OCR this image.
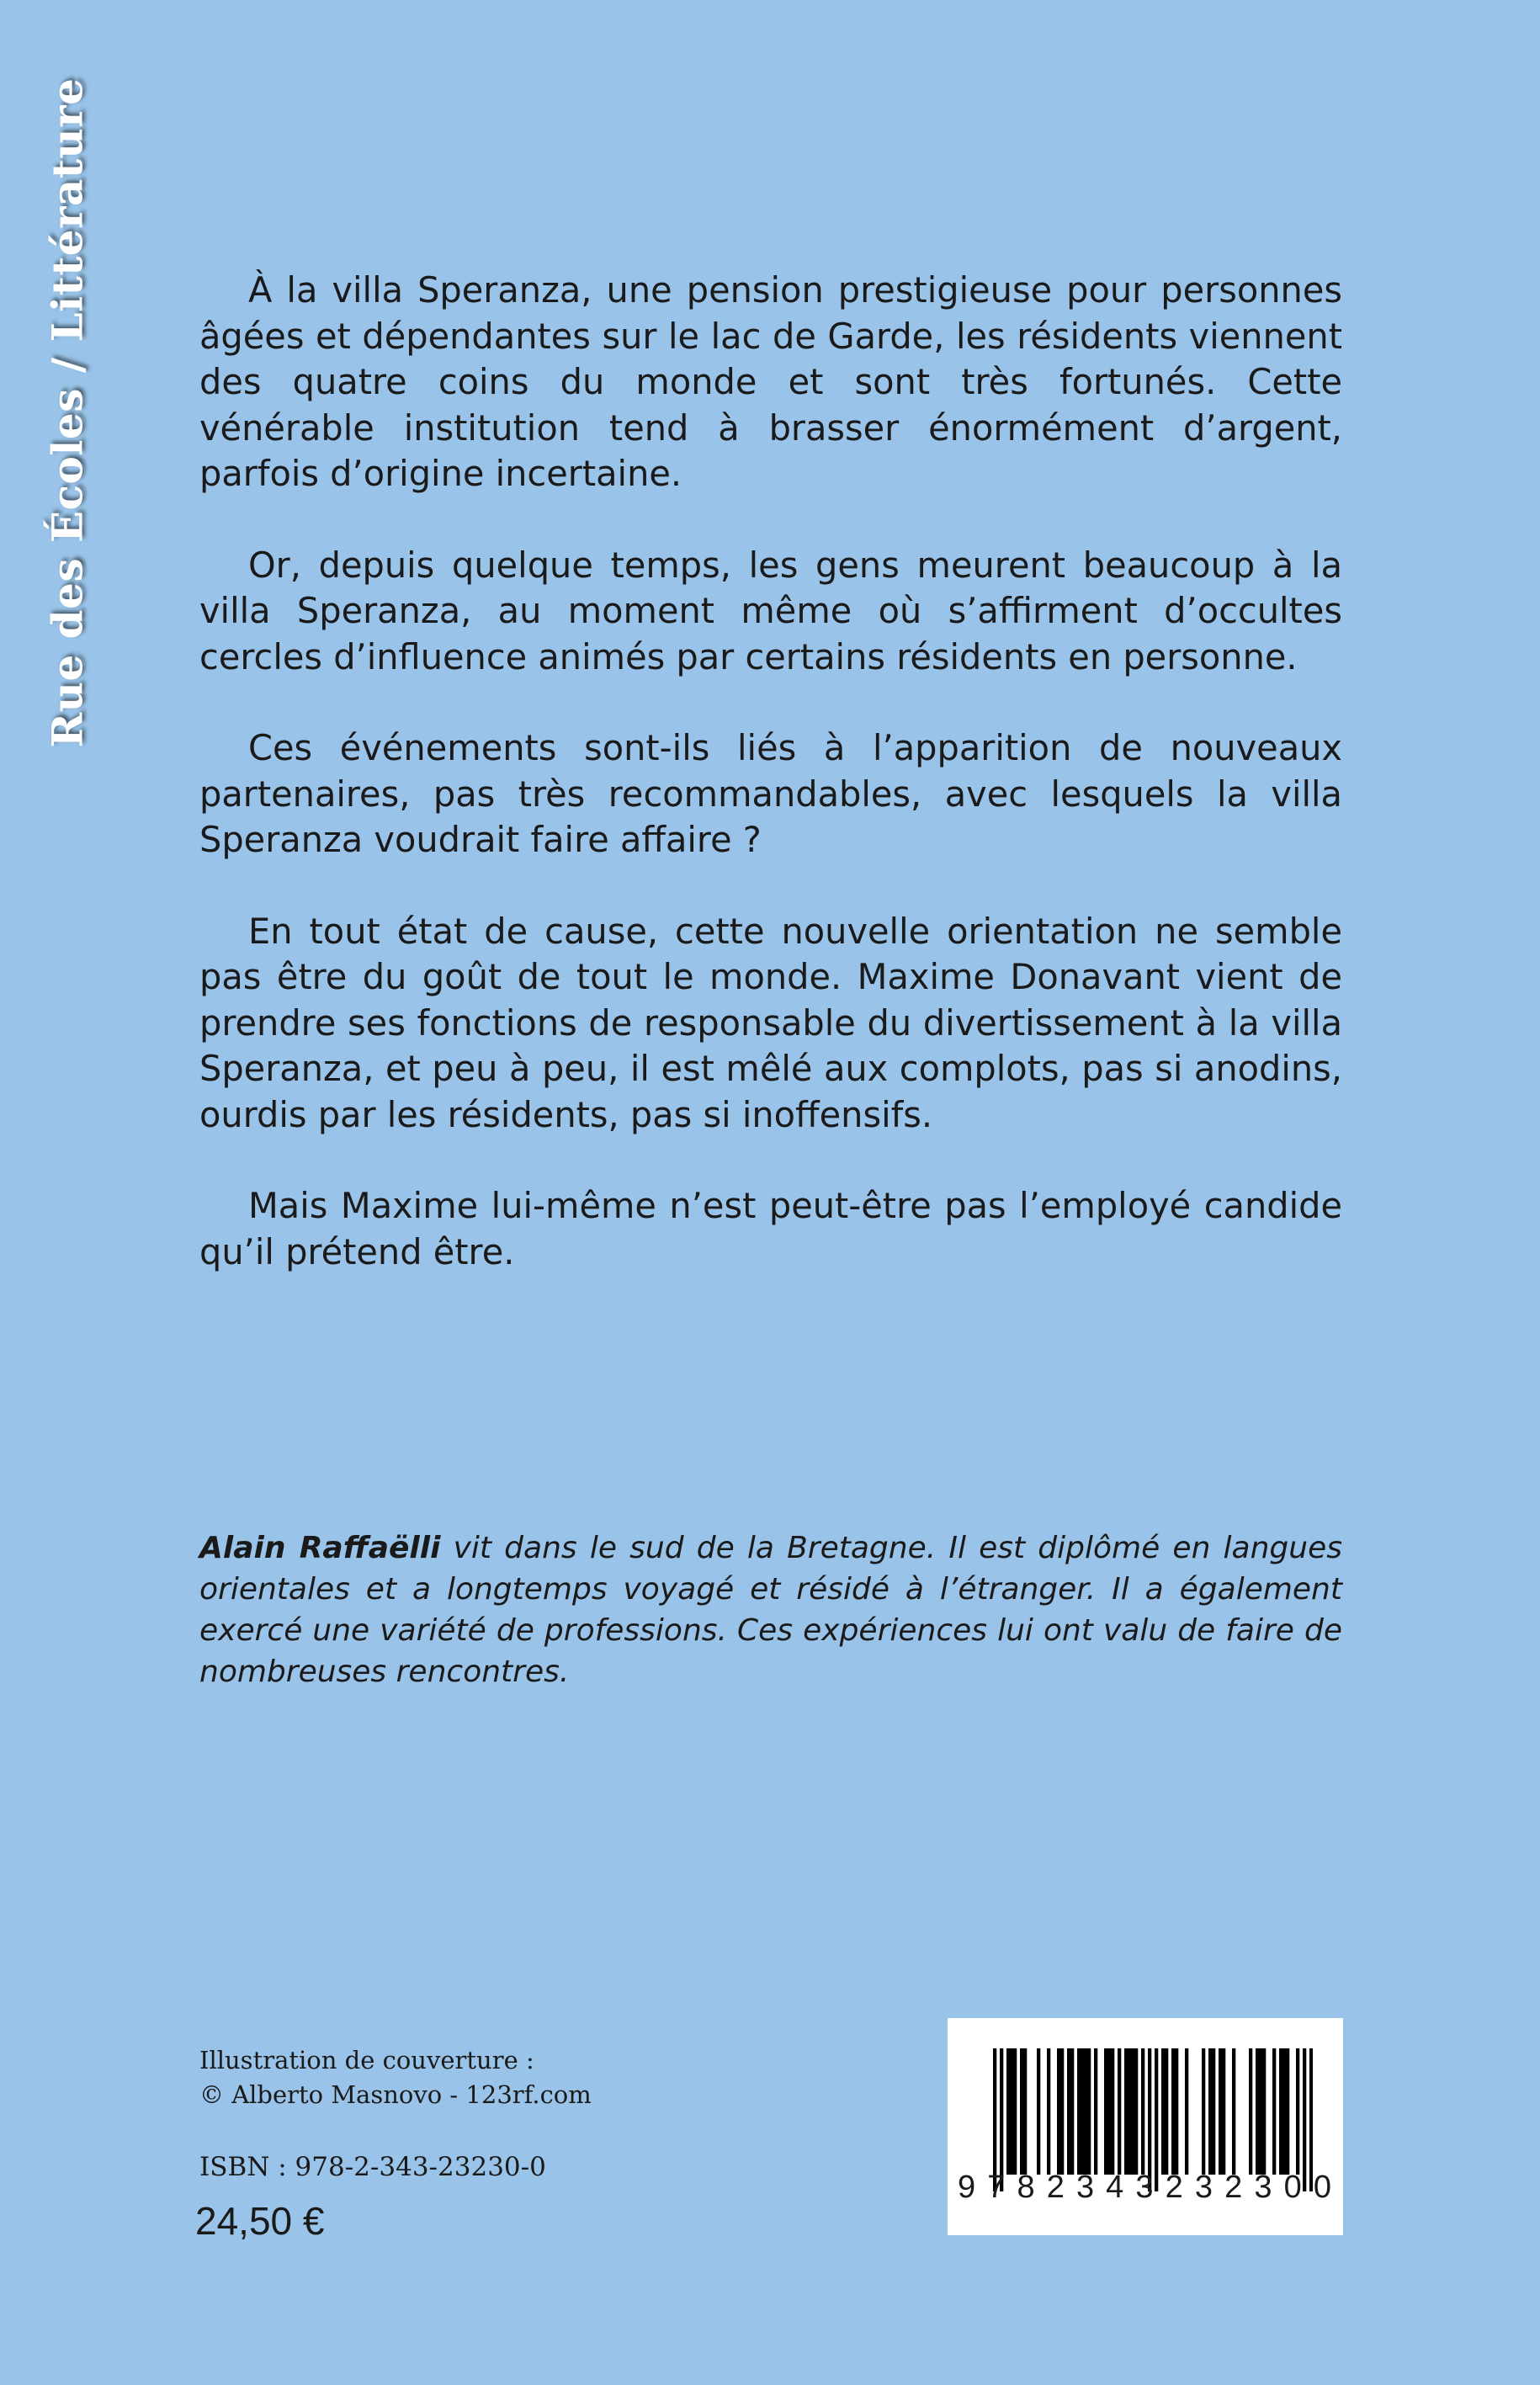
Rue des Écoles / Littérature	À la villa Speranza, une pension prestigieuse pour personnes âgées et dépendantes sur le lac de Garde, les résidents viennent des quatre coins du monde et sont très fortunés. Cette vénérable institution tend à brasser énormément d’argent, parfois d’origine incertaine.

Or, depuis quelque temps, les gens meurent beaucoup à la villa Speranza, au moment même où s’affirment d’occultes cercles d’influence animés par certains résidents en personne.

Ces événements sont-ils liés à l’apparition de nouveaux partenaires, pas très recommandables, avec lesquels la villa Speranza voudrait faire affaire ?

En tout état de cause, cette nouvelle orientation ne semble pas être du goût de tout le monde. Maxime Donavant vient de prendre ses fonctions de responsable du divertissement à la villa Speranza, et peu à peu, il est mêlé aux complots, pas si anodins, ourdis par les résidents, pas si inoffensifs.

Mais Maxime lui-même n’est peut-être pas l’employé candide qu’il prétend être.

Alain Raffaëlli vit dans le sud de la Bretagne. Il est diplômé en langues orientales et a longtemps voyagé et résidé à l’étranger. Il a également exercé une variété de professions. Ces expériences lui ont valu de faire de nombreuses rencontres.

Illustration de couverture :
© Alberto Masnovo - 123rf.com
ISBN : 978-2-343-23230-0
24,50 €
9 7 8 2 3 4 3 2 3 2 3 0 0
